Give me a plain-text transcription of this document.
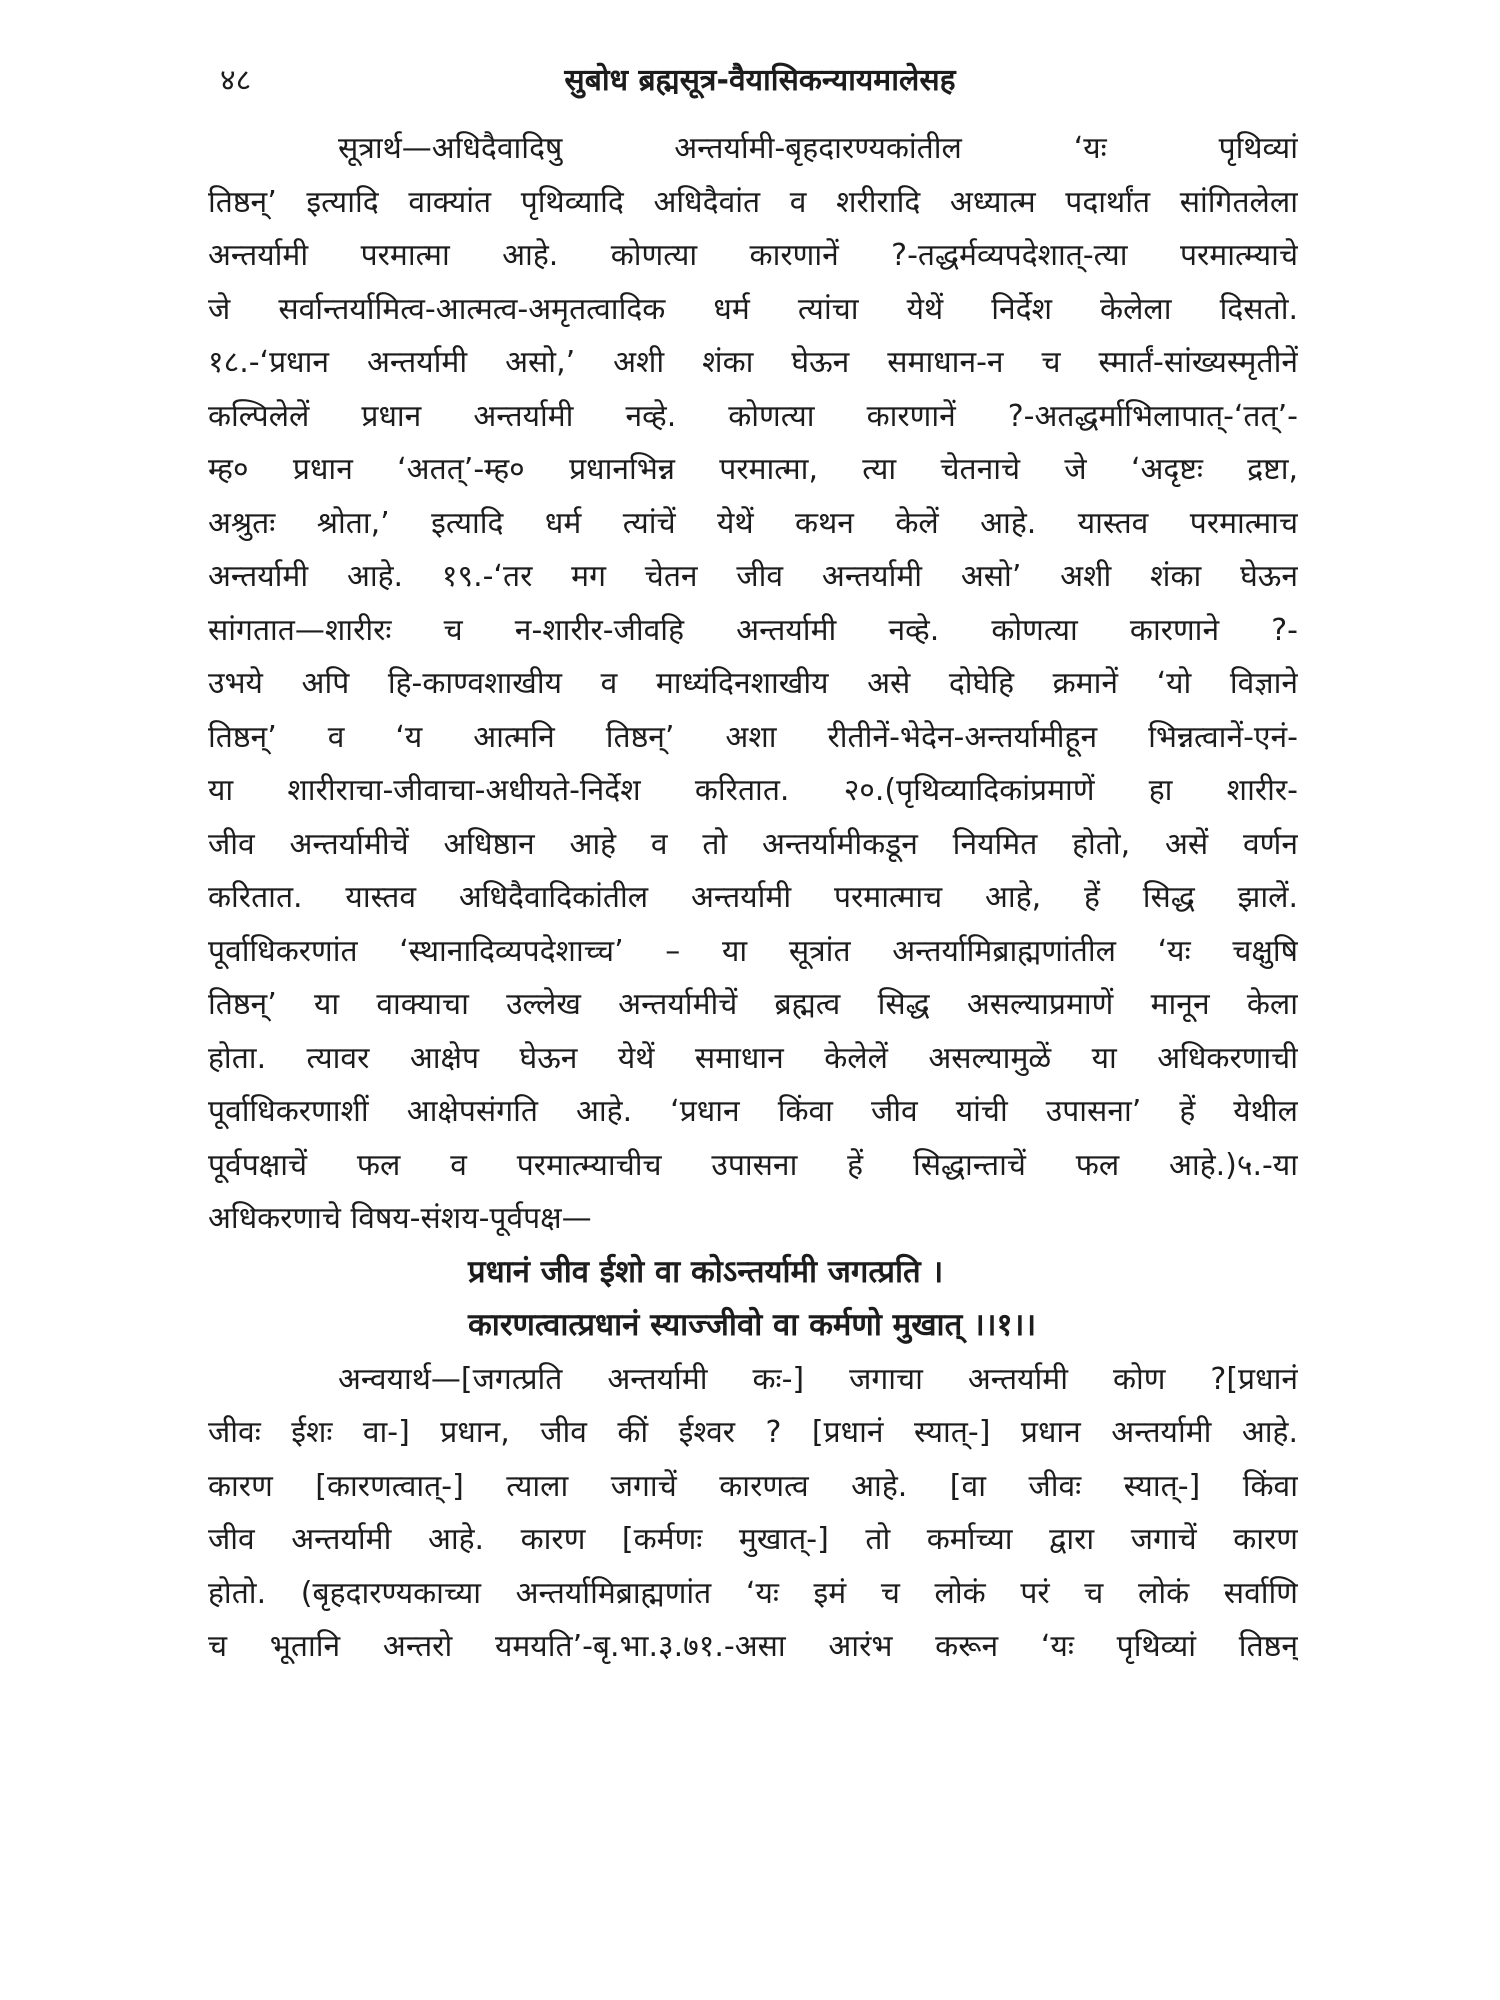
४८	सुबोध ब्रह्मसूत्र-वैयासिकन्यायमालेसह
सूत्रार्थ—अधिदैवादिषु अन्तर्यामी-बृहदारण्यकांतील ‘यः पृथिव्यां
तिष्ठन्’ इत्यादि वाक्यांत पृथिव्यादि अधिदैवांत व शरीरादि अध्यात्म पदार्थांत सांगितलेला
अन्तर्यामी परमात्मा आहे. कोणत्या कारणानें ?-तद्धर्मव्यपदेशात्-त्या परमात्म्याचे
जे सर्वान्तर्यामित्व-आत्मत्व-अमृतत्वादिक धर्म त्यांचा येथें निर्देश केलेला दिसतो.
१८.-‘प्रधान अन्तर्यामी असो,’ अशी शंका घेऊन समाधान-न च स्मार्तं-सांख्यस्मृतीनें
कल्पिलेलें प्रधान अन्तर्यामी नव्हे. कोणत्या कारणानें ?-अतद्धर्माभिलापात्-‘तत्’-
म्ह० प्रधान ‘अतत्’-म्ह० प्रधानभिन्न परमात्मा, त्या चेतनाचे जे ‘अदृष्टः द्रष्टा,
अश्रुतः श्रोता,’ इत्यादि धर्म त्यांचें येथें कथन केलें आहे. यास्तव परमात्माच
अन्तर्यामी आहे. १९.-‘तर मग चेतन जीव अन्तर्यामी असो’ अशी शंका घेऊन
सांगतात—शारीरः च न-शारीर-जीवहि अन्तर्यामी नव्हे. कोणत्या कारणाने ?-
उभये अपि हि-काण्वशाखीय व माध्यंदिनशाखीय असे दोघेहि क्रमानें ‘यो विज्ञाने
तिष्ठन्’ व ‘य आत्मनि तिष्ठन्’ अशा रीतीनें-भेदेन-अन्तर्यामीहून भिन्नत्वानें-एनं-
या शारीराचा-जीवाचा-अधीयते-निर्देश करितात. २०.(पृथिव्यादिकांप्रमाणें हा शारीर-
जीव अन्तर्यामीचें अधिष्ठान आहे व तो अन्तर्यामीकडून नियमित होतो, असें वर्णन
करितात. यास्तव अधिदैवादिकांतील अन्तर्यामी परमात्माच आहे, हें सिद्ध झालें.
पूर्वाधिकरणांत ‘स्थानादिव्यपदेशाच्च’ – या सूत्रांत अन्तर्यामिब्राह्मणांतील ‘यः चक्षुषि
तिष्ठन्’ या वाक्याचा उल्लेख अन्तर्यामीचें ब्रह्मत्व सिद्ध असल्याप्रमाणें मानून केला
होता. त्यावर आक्षेप घेऊन येथें समाधान केलेलें असल्यामुळें या अधिकरणाची
पूर्वाधिकरणाशीं आक्षेपसंगति आहे. ‘प्रधान किंवा जीव यांची उपासना’ हें येथील
पूर्वपक्षाचें फल व परमात्म्याचीच उपासना हें सिद्धान्ताचें फल आहे.)५.-या
अधिकरणाचे विषय-संशय-पूर्वपक्ष—
प्रधानं जीव ईशो वा कोऽन्तर्यामी जगत्प्रति ।
कारणत्वात्प्रधानं स्याज्जीवो वा कर्मणो मुखात् ।।१।।
अन्वयार्थ—[जगत्प्रति अन्तर्यामी कः-] जगाचा अन्तर्यामी कोण ?[प्रधानं
जीवः ईशः वा-] प्रधान, जीव कीं ईश्वर ? [प्रधानं स्यात्-] प्रधान अन्तर्यामी आहे.
कारण [कारणत्वात्-] त्याला जगाचें कारणत्व आहे. [वा जीवः स्यात्-] किंवा
जीव अन्तर्यामी आहे. कारण [कर्मणः मुखात्-] तो कर्माच्या द्वारा जगाचें कारण
होतो. (बृहदारण्यकाच्या अन्तर्यामिब्राह्मणांत ‘यः इमं च लोकं परं च लोकं सर्वाणि
च भूतानि अन्तरो यमयति’-बृ.भा.३.७१.-असा आरंभ करून ‘यः पृथिव्यां तिष्ठन्
